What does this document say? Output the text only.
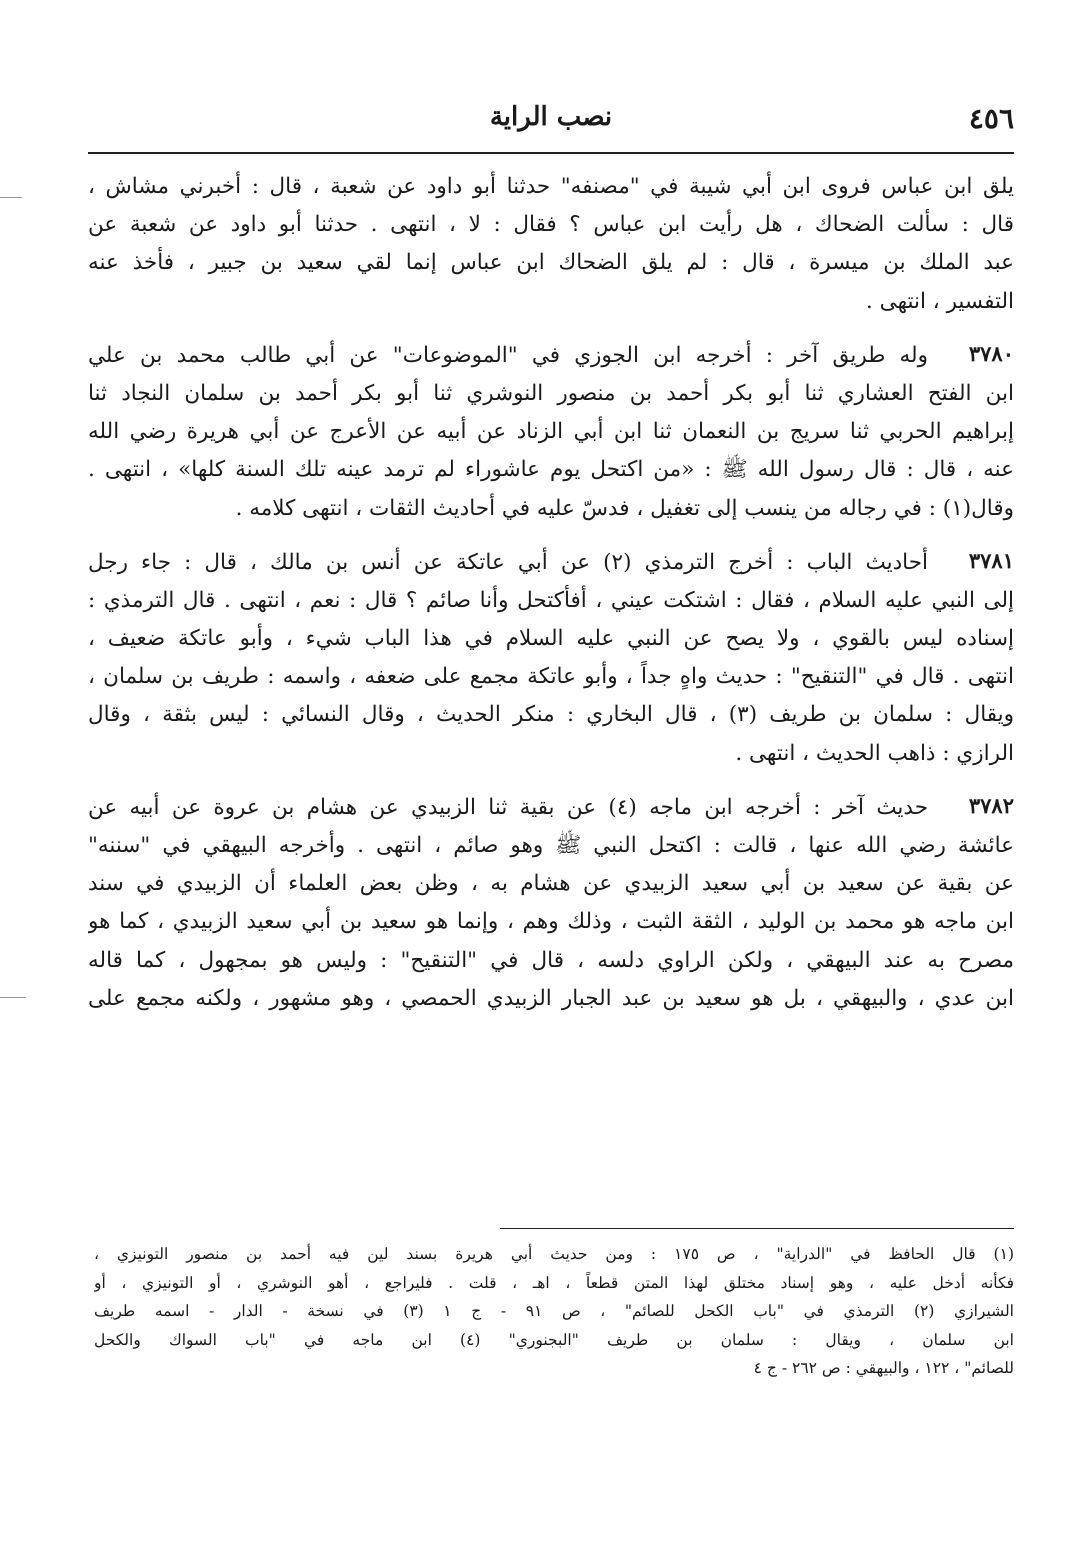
نصب الراية	٤٥٦
يلق ابن عباس فروى ابن أبي شيبة في "مصنفه" حدثنا أبو داود عن شعبة ، قال : أخبرني مشاش ،
قال : سألت الضحاك ، هل رأيت ابن عباس ؟ فقال : لا ، انتهى . حدثنا أبو داود عن شعبة عن
عبد الملك بن ميسرة ، قال : لم يلق الضحاك ابن عباس إنما لقي سعيد بن جبير ، فأخذ عنه
التفسير ، انتهى .
٣٧٨٠
وله طريق آخر : أخرجه ابن الجوزي في "الموضوعات" عن أبي طالب محمد بن علي
ابن الفتح العشاري ثنا أبو بكر أحمد بن منصور النوشري ثنا أبو بكر أحمد بن سلمان النجاد ثنا
إبراهيم الحربي ثنا سريج بن النعمان ثنا ابن أبي الزناد عن أبيه عن الأعرج عن أبي هريرة رضي الله
عنه ، قال : قال رسول الله ﷺ : «من اكتحل يوم عاشوراء لم ترمد عينه تلك السنة كلها» ، انتهى .
وقال(١) : في رجاله من ينسب إلى تغفيل ، فدسّ عليه في أحاديث الثقات ، انتهى كلامه .
٣٧٨١
أحاديث الباب : أخرج الترمذي (٢) عن أبي عاتكة عن أنس بن مالك ، قال : جاء رجل
إلى النبي عليه السلام ، فقال : اشتكت عيني ، أفأكتحل وأنا صائم ؟ قال : نعم ، انتهى . قال الترمذي :
إسناده ليس بالقوي ، ولا يصح عن النبي عليه السلام في هذا الباب شيء ، وأبو عاتكة ضعيف ،
انتهى . قال في "التنقيح" : حديث واهٍ جداً ، وأبو عاتكة مجمع على ضعفه ، واسمه : طريف بن سلمان ،
ويقال : سلمان بن طريف (٣) ، قال البخاري : منكر الحديث ، وقال النسائي : ليس بثقة ، وقال
الرازي : ذاهب الحديث ، انتهى .
٣٧٨٢
حديث آخر : أخرجه ابن ماجه (٤) عن بقية ثنا الزبيدي عن هشام بن عروة عن أبيه عن
عائشة رضي الله عنها ، قالت : اكتحل النبي ﷺ وهو صائم ، انتهى . وأخرجه البيهقي في "سننه"
عن بقية عن سعيد بن أبي سعيد الزبيدي عن هشام به ، وظن بعض العلماء أن الزبيدي في سند
ابن ماجه هو محمد بن الوليد ، الثقة الثبت ، وذلك وهم ، وإنما هو سعيد بن أبي سعيد الزبيدي ، كما هو
مصرح به عند البيهقي ، ولكن الراوي دلسه ، قال في "التنقيح" : وليس هو بمجهول ، كما قاله
ابن عدي ، والبيهقي ، بل هو سعيد بن عبد الجبار الزبيدي الحمصي ، وهو مشهور ، ولكنه مجمع على
(١) قال الحافظ في "الدراية" ، ص ١٧٥ : ومن حديث أبي هريرة بسند لين فيه أحمد بن منصور التونيزي ،
فكأنه أدخل عليه ، وهو إسناد مختلق لهذا المتن قطعاً ، اهـ ، قلت . فليراجع ، أهو النوشري ، أو التونيزي ، أو
الشيرازي (٢) الترمذي في "باب الكحل للصائم" ، ص ٩١ - ج ١ (٣) في نسخة - الدار - اسمه طريف
ابن سلمان ، ويقال : سلمان بن طريف "البجنوري" (٤) ابن ماجه في "باب السواك والكحل
للصائم" ، ١٢٢ ، والبيهقي : ص ٢٦٢ - ج ٤
